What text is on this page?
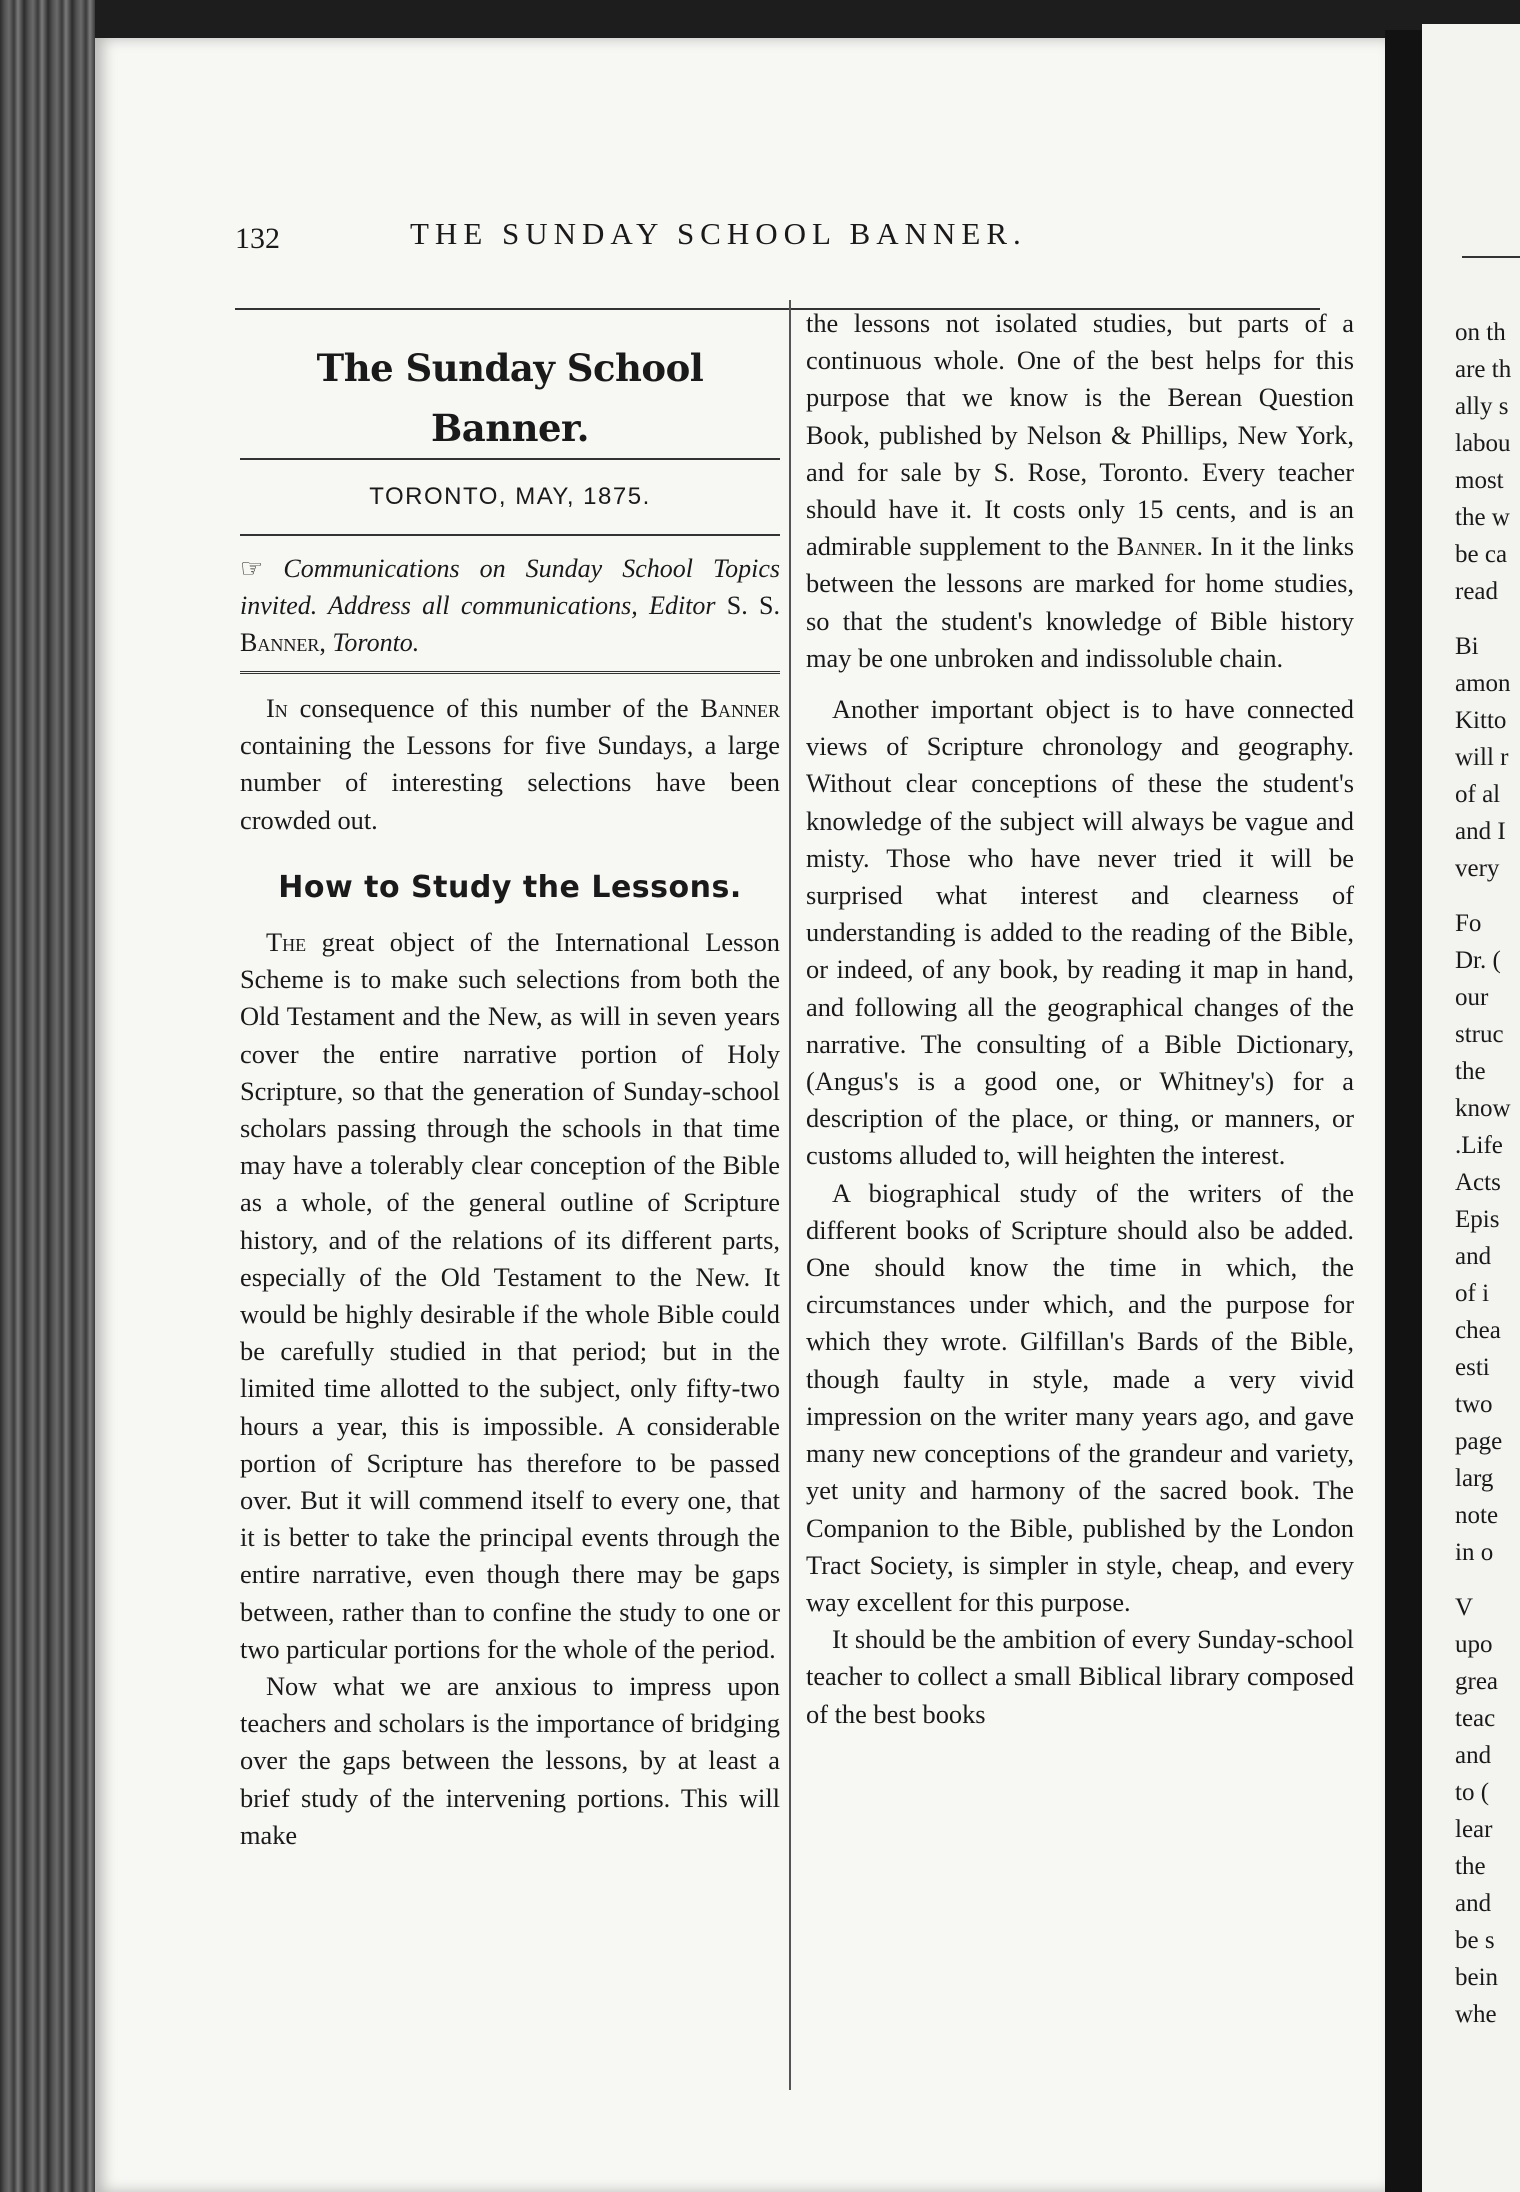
on th
are th
ally s
labou
most
the w
be ca
read
Bi
amon
Kitto
will r
of al
and I
very
Fo
Dr. (
our
struc
the
know
.Life
Acts
Epis
and
of i
chea
esti
two
page
larg
note
in o
V
upo
grea
teac
and
to (
lear
the
and
be s
bein
whe
132	THE SUNDAY SCHOOL BANNER.
The Sunday School Banner.
TORONTO, MAY, 1875.
☞ Communications on Sunday School Topics invited. Address all communications, Editor S. S. Banner, Toronto.

In consequence of this number of the Banner containing the Lessons for five Sundays, a large number of interesting selections have been crowded out.

How to Study the Lessons.

The great object of the International Lesson Scheme is to make such selections from both the Old Testament and the New, as will in seven years cover the entire narrative portion of Holy Scripture, so that the generation of Sunday-school scholars passing through the schools in that time may have a tolerably clear conception of the Bible as a whole, of the general outline of Scripture history, and of the relations of its different parts, especially of the Old Testament to the New. It would be highly desirable if the whole Bible could be carefully studied in that period; but in the limited time allotted to the subject, only fifty-two hours a year, this is impossible. A considerable portion of Scripture has therefore to be passed over. But it will commend itself to every one, that it is better to take the principal events through the entire narrative, even though there may be gaps between, rather than to confine the study to one or two particular portions for the whole of the period.

Now what we are anxious to impress upon teachers and scholars is the importance of bridging over the gaps between the lessons, by at least a brief study of the intervening portions. This will make

the lessons not isolated studies, but parts of a continuous whole. One of the best helps for this purpose that we know is the Berean Question Book, published by Nelson & Phillips, New York, and for sale by S. Rose, Toronto. Every teacher should have it. It costs only 15 cents, and is an admirable supplement to the Banner. In it the links between the lessons are marked for home studies, so that the student's knowledge of Bible history may be one unbroken and indissoluble chain.

Another important object is to have connected views of Scripture chronology and geography. Without clear conceptions of these the student's knowledge of the subject will always be vague and misty. Those who have never tried it will be surprised what interest and clearness of understanding is added to the reading of the Bible, or indeed, of any book, by reading it map in hand, and following all the geographical changes of the narrative. The consulting of a Bible Dictionary, (Angus's is a good one, or Whitney's) for a description of the place, or thing, or manners, or customs alluded to, will heighten the interest.

A biographical study of the writers of the different books of Scripture should also be added. One should know the time in which, the circumstances under which, and the purpose for which they wrote. Gilfillan's Bards of the Bible, though faulty in style, made a very vivid impression on the writer many years ago, and gave many new conceptions of the grandeur and variety, yet unity and harmony of the sacred book. The Companion to the Bible, published by the London Tract Society, is simpler in style, cheap, and every way excellent for this purpose.

It should be the ambition of every Sunday-school teacher to collect a small Biblical library composed of the best books
